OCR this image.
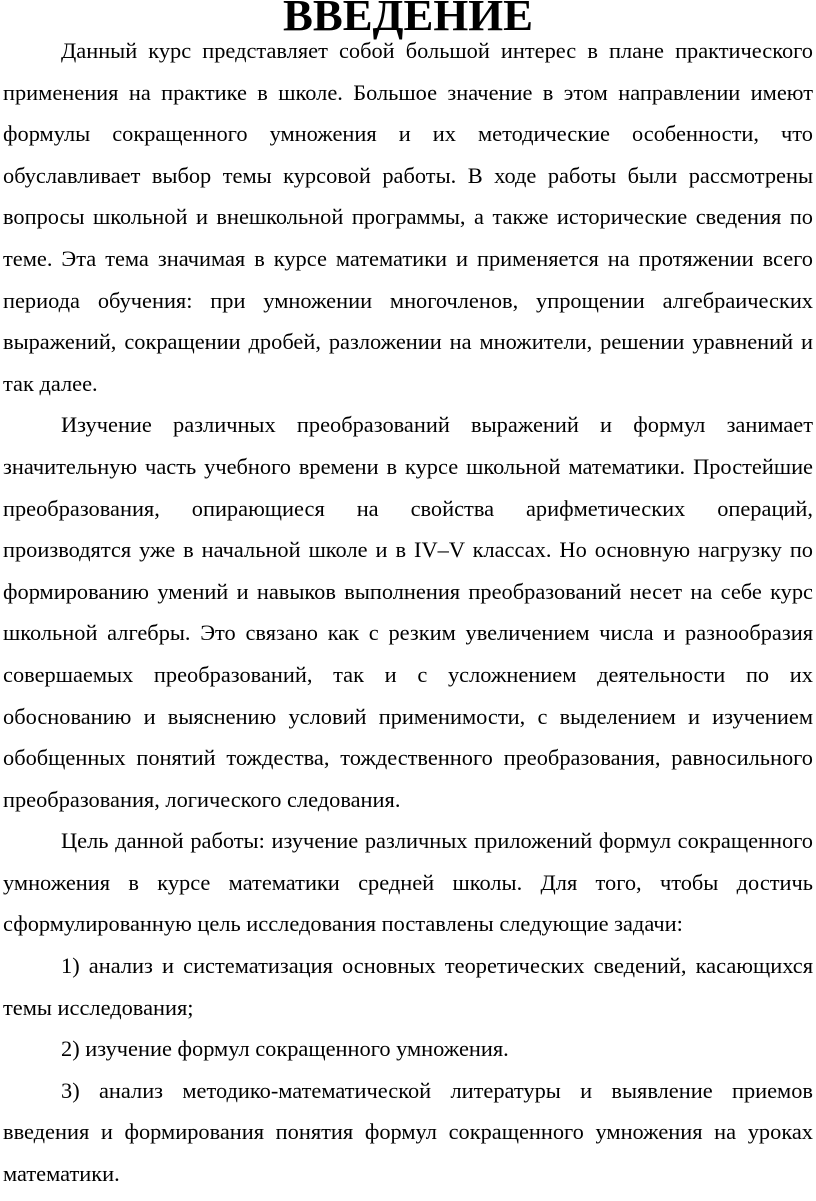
ВВЕДЕНИЕ

Данный курс представляет собой большой интерес в плане практического применения на практике в школе. Большое значение в этом направлении имеют формулы сокращенного умножения и их методические особенности, что обуславливает выбор темы курсовой работы. В ходе работы были рассмотрены вопросы школьной и внешкольной программы, а также исторические сведения по теме. Эта тема значимая в курсе математики и применяется на протяжении всего периода обучения: при умножении многочленов, упрощении алгебраических выражений, сокращении дробей, разложении на множители, решении уравнений и так далее.

Изучение различных преобразований выражений и формул занимает значительную часть учебного времени в курсе школьной математики. Простейшие преобразования, опирающиеся на свойства арифметических операций, производятся уже в начальной школе и в IV–V классах. Но основную нагрузку по формированию умений и навыков выполнения преобразований несет на себе курс школьной алгебры. Это связано как с резким увеличением числа и разнообразия совершаемых преобразований, так и с усложнением деятельности по их обоснованию и выяснению условий применимости, с выделением и изучением обобщенных понятий тождества, тождественного преобразования, равносильного преобразования, логического следования.

Цель данной работы: изучение различных приложений формул сокращенного умножения в курсе математики средней школы. Для того, чтобы достичь сформулированную цель исследования поставлены следующие задачи:

1) анализ и систематизация основных теоретических сведений, касающихся темы исследования;

2) изучение формул сокращенного умножения.

3) анализ методико-математической литературы и выявление приемов введения и формирования понятия формул сокращенного умножения на уроках математики.
